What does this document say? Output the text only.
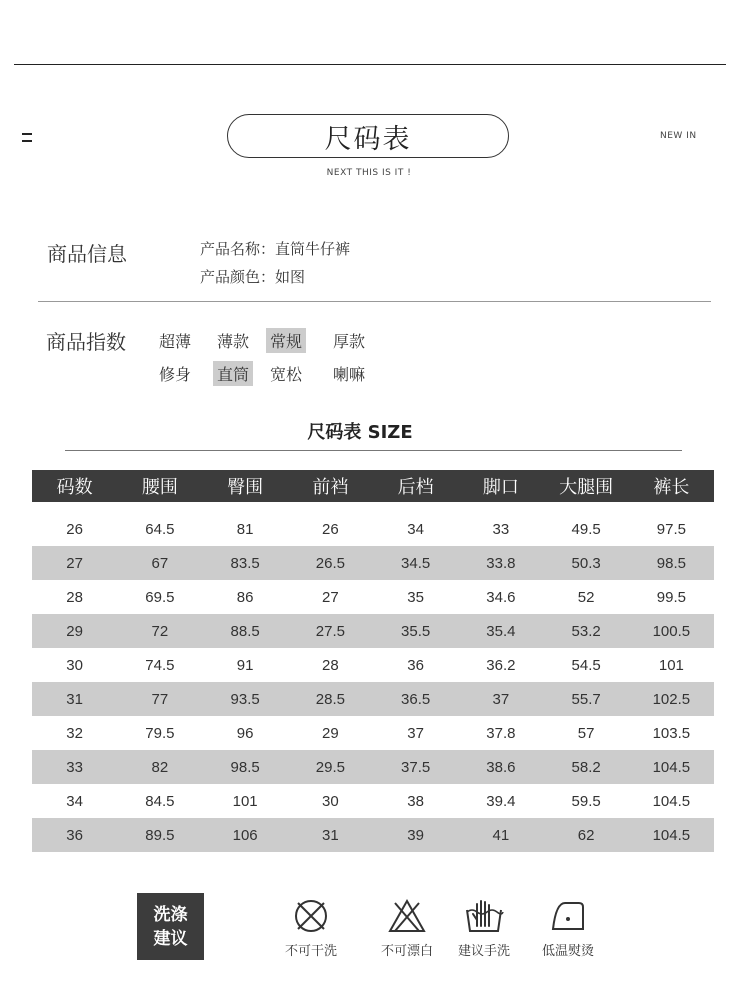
尺码表
NEXT THIS IS IT !
NEW IN
商品信息	产品名称：直筒牛仔裤
产品颜色：如图
商品指数 超薄 薄款 常规 厚款
修身 直筒 宽松 喇嘛
尺码表 SIZE
码数	腰围	臀围	前裆	后档	脚口	大腿围	裤长

26	64.5	81	26	34	33	49.5	97.5
27	67	83.5	26.5	34.5	33.8	50.3	98.5
28	69.5	86	27	35	34.6	52	99.5
29	72	88.5	27.5	35.5	35.4	53.2	100.5
30	74.5	91	28	36	36.2	54.5	101
31	77	93.5	28.5	36.5	37	55.7	102.5
32	79.5	96	29	37	37.8	57	103.5
33	82	98.5	29.5	37.5	38.6	58.2	104.5
34	84.5	101	30	38	39.4	59.5	104.5
36	89.5	106	31	39	41	62	104.5
洗涤
建议
不可干洗	不可漂白	建议手洗	低温熨烫
